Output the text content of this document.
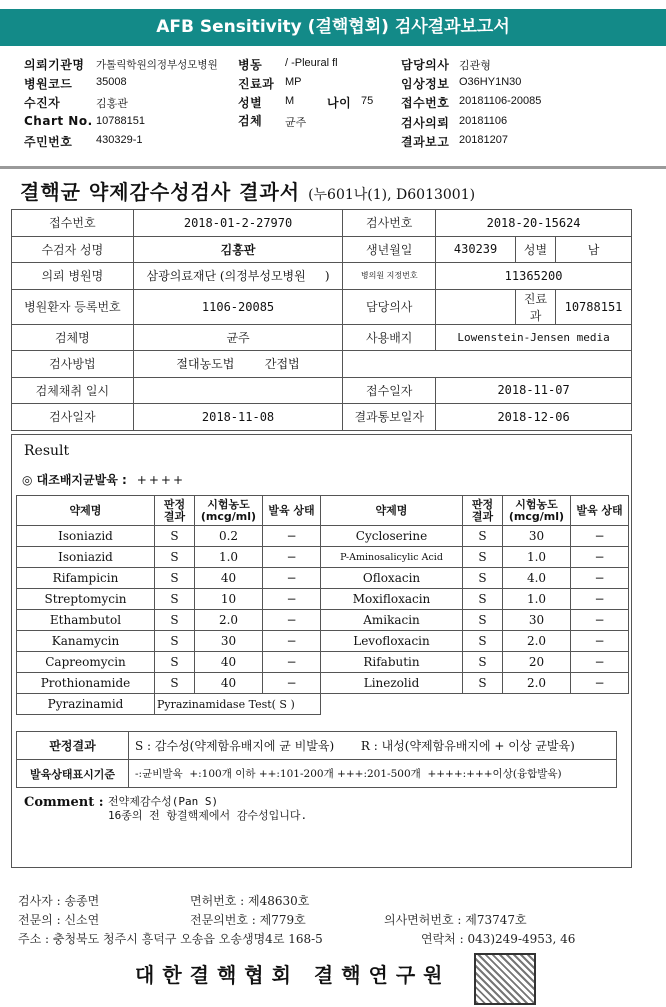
AFB Sensitivity (결핵협회) 검사결과보고서
의뢰기관명 가톨릭학원의정부성모병원 병동 / -Pleural fl	담당의사 김관형
병원코드 35008	진료과 MP	임상정보 O36HY1N30
수진자	김홍관	성별 M	나이 75 접수번호 20181106-20085
Chart No. 10788151	검체 균주	검사의뢰 20181106
주민번호 430329-1	결과보고 20181207
결핵균 약제감수성검사 결과서 (누601나(1), D6013001)
접수번호	2018-01-2-27970	검사번호	2018-20-15624		
수검자 성명	김홍판	생년월일	430239	성별	남
의뢰 병원명	삼광의료재단 (의정부성모병원 )	병의원 지정번호	11365200		
병원환자 등록번호	1106-20085	담당의사		진료과	10788151
검체명	균주	사용배지	Lowenstein-Jensen media		
검사방법	절대농도법 간접법				
검체채취 일시		접수일자	2018-11-07		
검사일자	2018-11-08	결과통보일자	2018-12-06		
Result
◎ 대조배지균발육 : ++++
약제명	판정 결과	시험농도 (mcg/ml)	발육 상태	약제명	판정 결과	시험농도 (mcg/ml)	발육 상태
Isoniazid	S	0.2	−	Cycloserine	S	30	−
Isoniazid	S	1.0	−	P-Aminosalicylic Acid	S	1.0	−
Rifampicin	S	40	−	Ofloxacin	S	4.0	−
Streptomycin	S	10	−	Moxifloxacin	S	1.0	−
Ethambutol	S	2.0	−	Amikacin	S	30	−
Kanamycin	S	30	−	Levofloxacin	S	2.0	−
Capreomycin	S	40	−	Rifabutin	S	20	−
Prothionamide	S	40	−	Linezolid	S	2.0	−
Pyrazinamid	Pyrazinamidase Test( S )						
판정결과	S : 감수성(약제함유배지에 균 비발육) R : 내성(약제함유배지에 + 이상 균발육)
발육상태표시기준	-:균비발육  +:100개 이하 ++:101-200개 +++:201-500개  ++++:+++이상(융합발육)
Comment : 전약제감수성(Pan S)
16종의 전 항결핵제에서 감수성입니다.
검사자 : 송종면	면허번호 : 제48630호
전문의 : 신소연	전문의번호 : 제779호	의사면허번호 : 제73747호
주소 : 충청북도 청주시 흥덕구 오송읍 오송생명4로 168-5	연락처 : 043)249-4953, 46
대한결핵협회 결핵연구원
